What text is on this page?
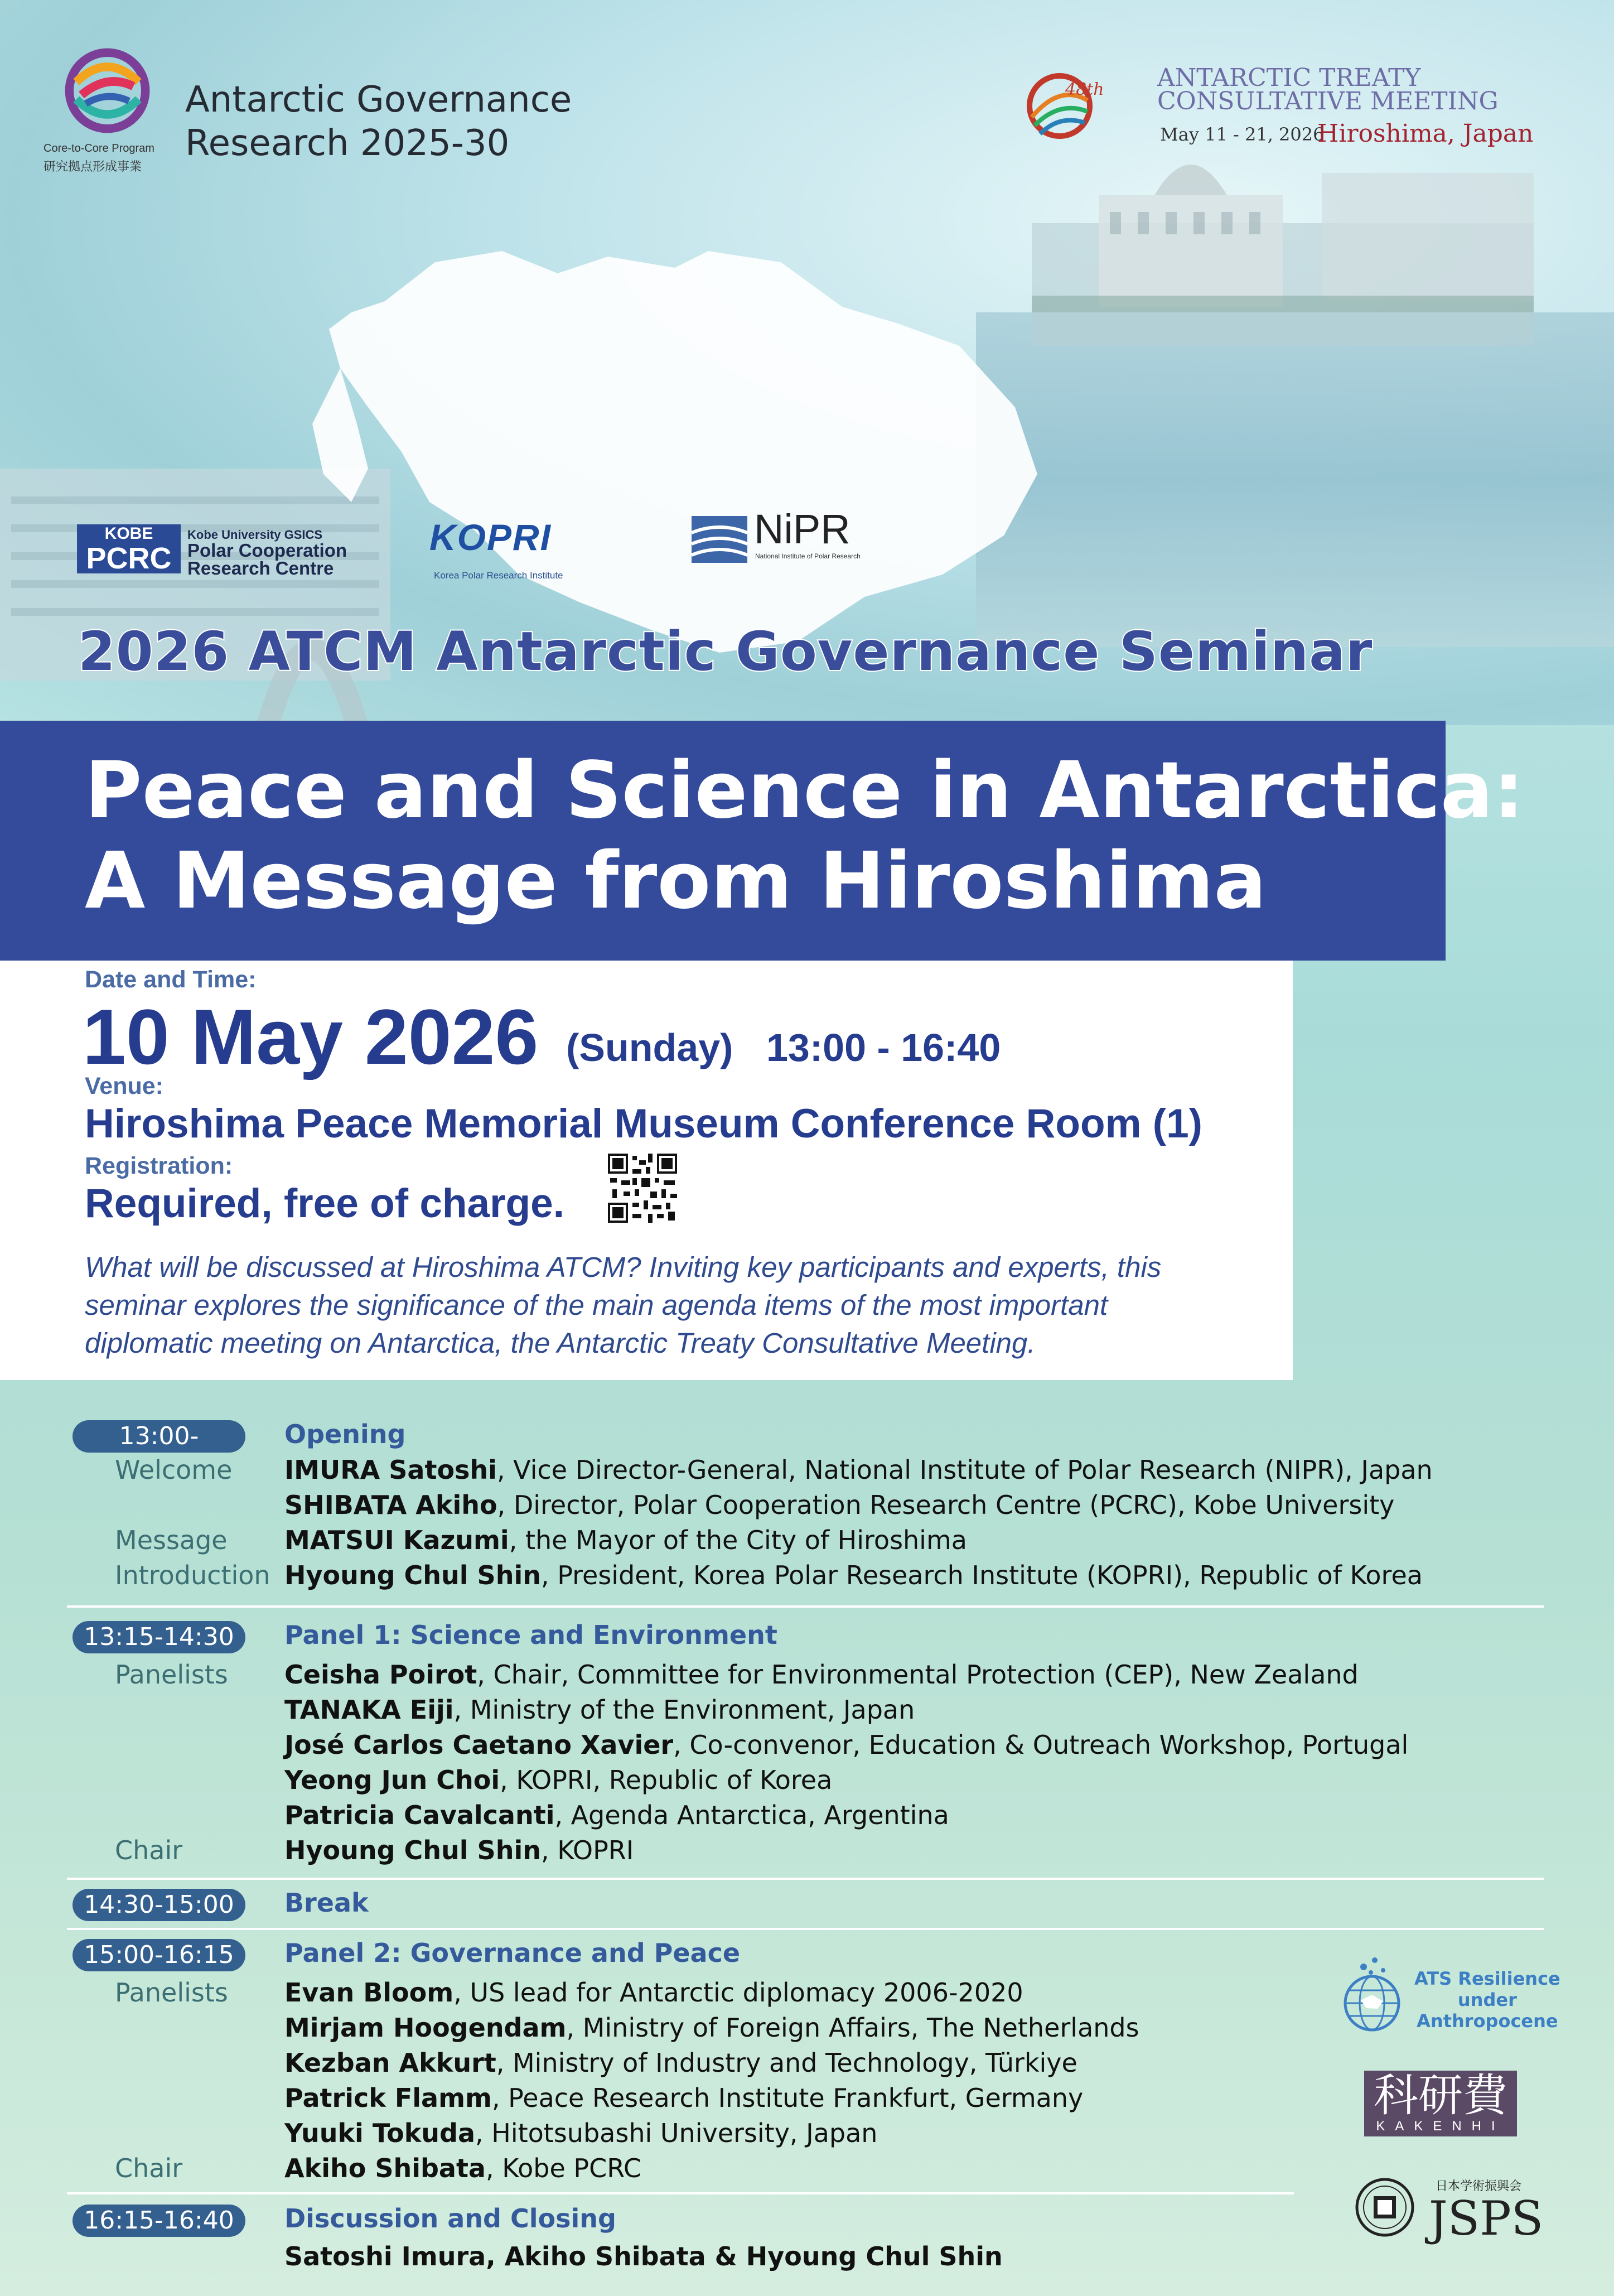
Core-to-Core Program
研究拠点形成事業
Antarctic Governance
Research 2025-30
48th ANTARCTIC TREATY
CONSULTATIVE MEETING
May 11 - 21, 2026
Hiroshima, Japan
KOBE
PCRC
Kobe University GSICS
Polar Cooperation
Research Centre
KOPRI
Korea Polar Research Institute
NiPR
National Institute of Polar Research
2026 ATCM Antarctic Governance Seminar
Peace and Science in Antarctica:
A Message from Hiroshima
Date and Time:
10 May 2026 (Sunday) 13:00 - 16:40
Venue:
Hiroshima Peace Memorial Museum Conference Room (1)
Registration:
Required, free of charge.
What will be discussed at Hiroshima ATCM? Inviting key participants and experts, this
seminar explores the significance of the main agenda items of the most important
diplomatic meeting on Antarctica, the Antarctic Treaty Consultative Meeting.
13:00-	Opening
Welcome IMURA Satoshi, Vice Director-General, National Institute of Polar Research (NIPR), Japan
SHIBATA Akiho, Director, Polar Cooperation Research Centre (PCRC), Kobe University
Message MATSUI Kazumi, the Mayor of the City of Hiroshima
Introduction Hyoung Chul Shin, President, Korea Polar Research Institute (KOPRI), Republic of Korea
13:15-14:30	Panel 1: Science and Environment
Panelists Ceisha Poirot, Chair, Committee for Environmental Protection (CEP), New Zealand
TANAKA Eiji, Ministry of the Environment, Japan
José Carlos Caetano Xavier, Co-convenor, Education & Outreach Workshop, Portugal
Yeong Jun Choi, KOPRI, Republic of Korea
Patricia Cavalcanti, Agenda Antarctica, Argentina
Chair	Hyoung Chul Shin, KOPRI
14:30-15:00	Break
15:00-16:15	Panel 2: Governance and Peace
Panelists Evan Bloom, US lead for Antarctic diplomacy 2006-2020
Mirjam Hoogendam, Ministry of Foreign Affairs, The Netherlands
Kezban Akkurt, Ministry of Industry and Technology, Türkiye
Patrick Flamm, Peace Research Institute Frankfurt, Germany
Yuuki Tokuda, Hitotsubashi University, Japan
Chair	Akiho Shibata, Kobe PCRC
16:15-16:40	Discussion and Closing
Satoshi Imura, Akiho Shibata & Hyoung Chul Shin
ATS Resilience
under
Anthropocene
科研費
KAKENHI
日本学術振興会
JSPS
